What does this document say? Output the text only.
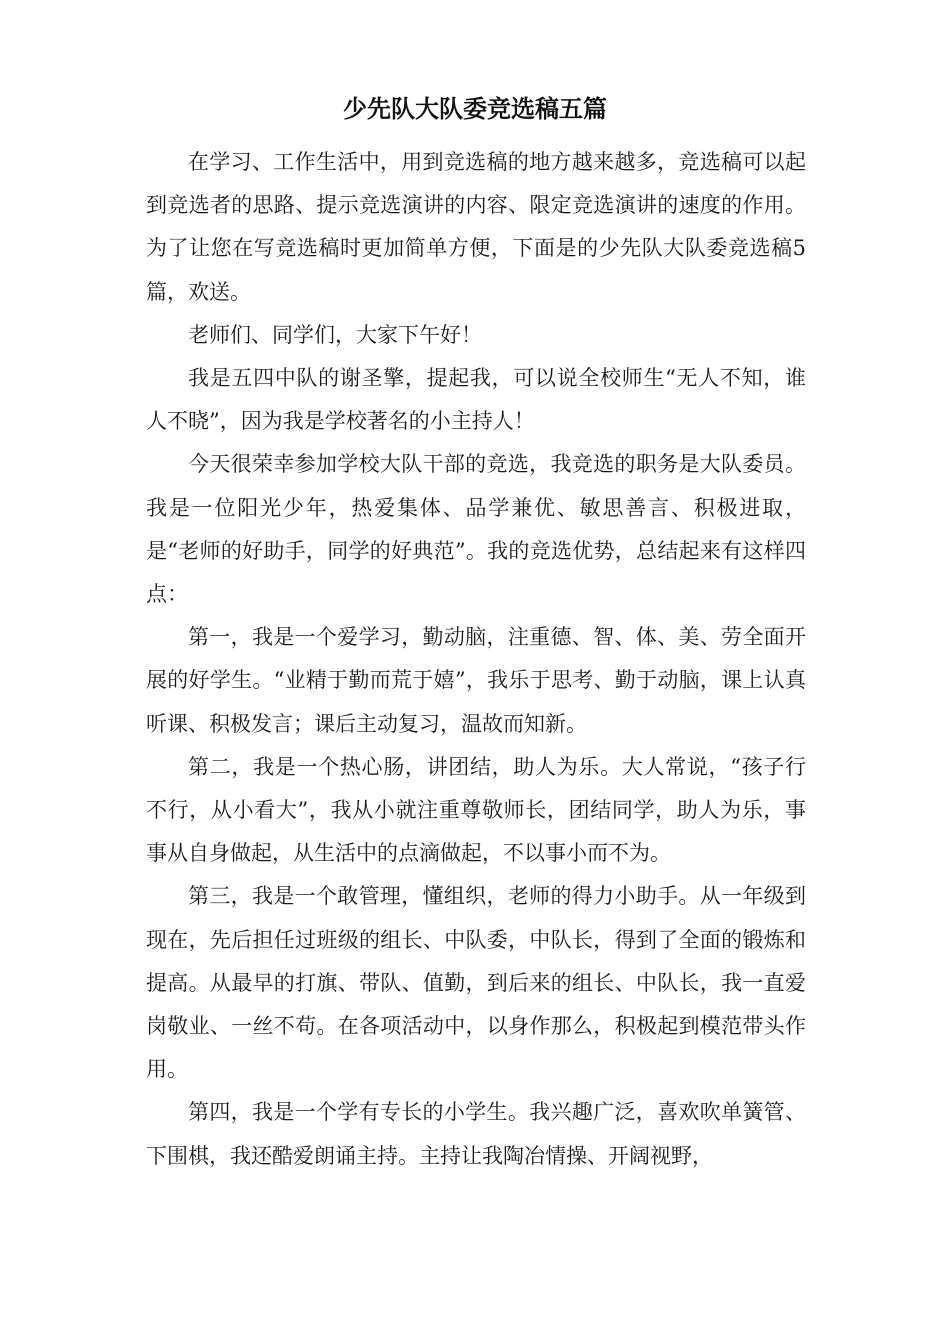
少先队大队委竞选稿五篇

在学习、工作生活中，用到竞选稿的地方越来越多，竞选稿可以起到竞选者的思路、提示竞选演讲的内容、限定竞选演讲的速度的作用。为了让您在写竞选稿时更加简单方便，下面是的少先队大队委竞选稿5篇，欢送。

老师们、同学们，大家下午好！

我是五四中队的谢圣擎，提起我，可以说全校师生“无人不知，谁人不晓”，因为我是学校著名的小主持人！

今天很荣幸参加学校大队干部的竞选，我竞选的职务是大队委员。我是一位阳光少年，热爱集体、品学兼优、敏思善言、积极进取，是“老师的好助手，同学的好典范”。我的竞选优势，总结起来有这样四点：

第一，我是一个爱学习，勤动脑，注重德、智、体、美、劳全面开展的好学生。“业精于勤而荒于嬉”，我乐于思考、勤于动脑，课上认真听课、积极发言；课后主动复习，温故而知新。

第二，我是一个热心肠，讲团结，助人为乐。大人常说，“孩子行不行，从小看大”，我从小就注重尊敬师长，团结同学，助人为乐，事事从自身做起，从生活中的点滴做起，不以事小而不为。

第三，我是一个敢管理，懂组织，老师的得力小助手。从一年级到现在，先后担任过班级的组长、中队委，中队长，得到了全面的锻炼和提高。从最早的打旗、带队、值勤，到后来的组长、中队长，我一直爱岗敬业、一丝不苟。在各项活动中，以身作那么，积极起到模范带头作用。

第四，我是一个学有专长的小学生。我兴趣广泛，喜欢吹单簧管、下围棋，我还酷爱朗诵主持。主持让我陶冶情操、开阔视野，
